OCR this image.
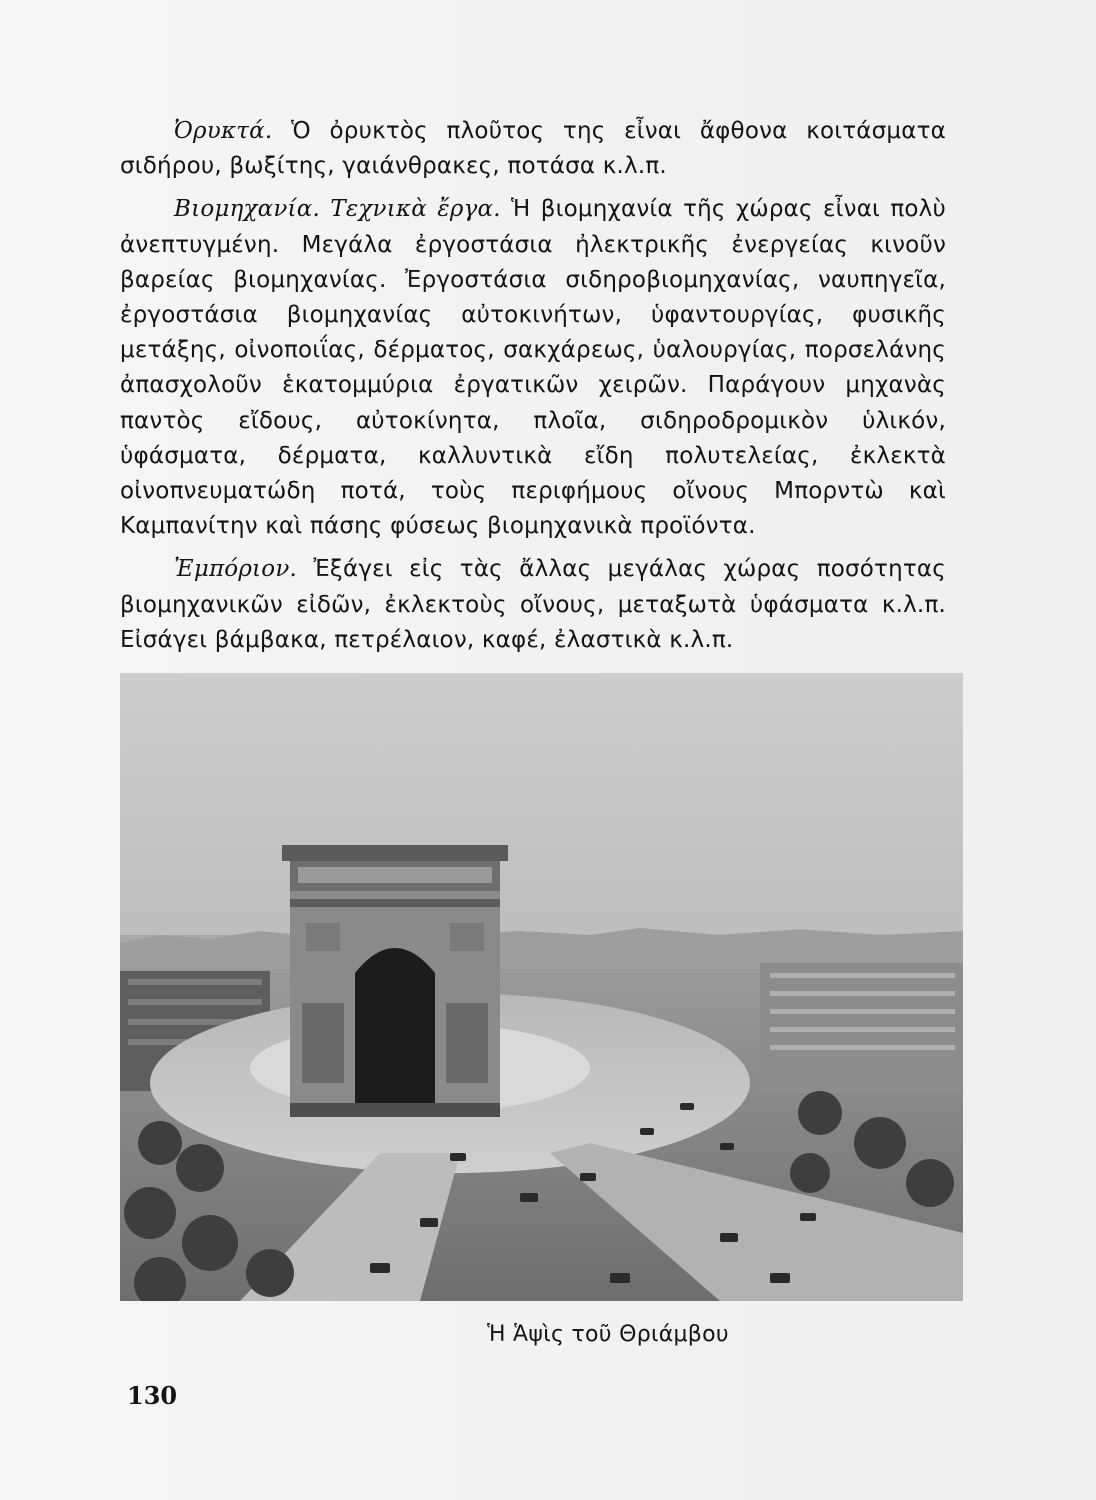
Ὀρυκτά. Ὁ ὀρυκτὸς πλοῦτος της εἶναι ἄφθονα κοιτάσματα σιδήρου, βωξίτης, γαιάνθρακες, ποτάσα κ.λ.π.

Βιομηχανία. Τεχνικὰ ἔργα. Ἡ βιομηχανία τῆς χώρας εἶναι πολὺ ἀνεπτυγμένη. Μεγάλα ἐργοστάσια ἠλεκτρικῆς ἐνεργείας κινοῦν βαρείας βιομηχανίας. Ἐργοστάσια σιδηροβιομηχανίας, ναυπηγεῖα, ἐργοστάσια βιομηχανίας αὐτοκινήτων, ὑφαντουργίας, φυσικῆς μετάξης, οἰνοποιΐας, δέρματος, σακχάρεως, ὑαλουργίας, πορσελάνης ἀπασχολοῦν ἑκατομμύρια ἐργατικῶν χειρῶν. Παράγουν μηχανὰς παντὸς εἴδους, αὐτοκίνητα, πλοῖα, σιδηροδρομικὸν ὑλικόν, ὑφάσματα, δέρματα, καλλυντικὰ εἴδη πολυτελείας, ἐκλεκτὰ οἰνοπνευματώδη ποτά, τοὺς περιφήμους οἴνους Μπορντὼ καὶ Καμπανίτην καὶ πάσης φύσεως βιομηχανικὰ προϊόντα.

Ἐμπόριον. Ἐξάγει εἰς τὰς ἄλλας μεγάλας χώρας ποσότητας βιομηχανικῶν εἰδῶν, ἐκλεκτοὺς οἴνους, μεταξωτὰ ὑφάσματα κ.λ.π. Εἰσάγει βάμβακα, πετρέλαιον, καφέ, ἐλαστικὰ κ.λ.π.

Ἡ Ἁψὶς τοῦ Θριάμβου
130
